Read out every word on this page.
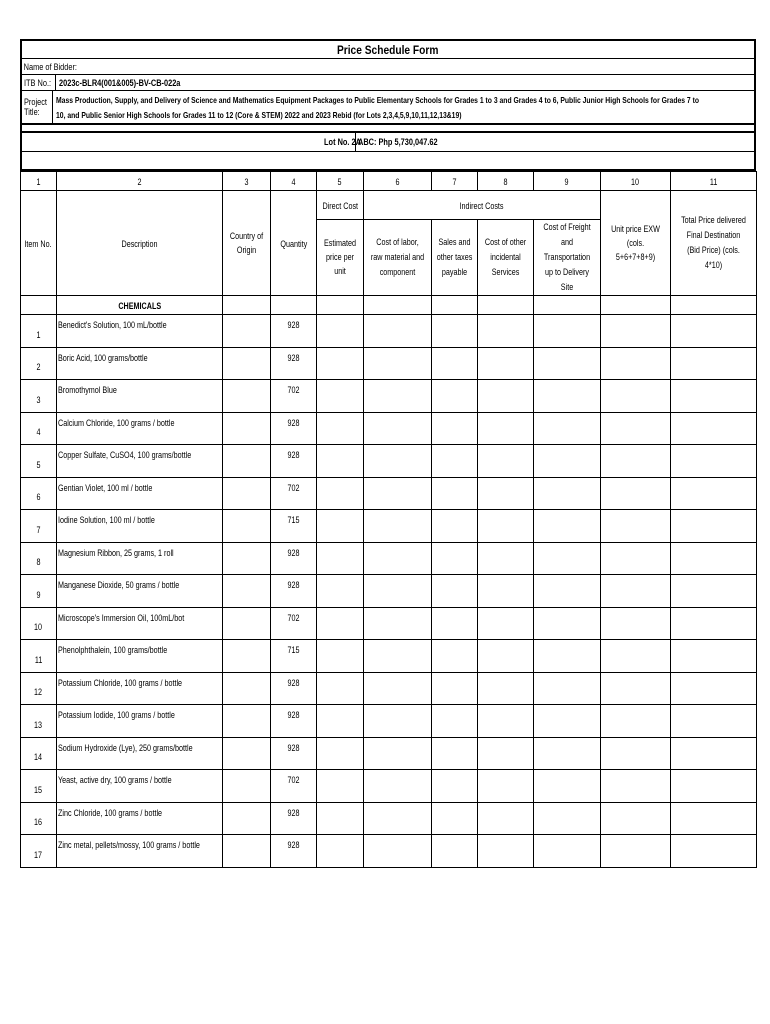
Price Schedule Form
Name of Bidder:
ITB No.: 2023c-BLR4(001&005)-BV-CB-022a
Project
Title:
Mass Production, Supply, and Delivery of Science and Mathematics Equipment Packages to Public Elementary Schools for Grades 1 to 3 and Grades 4 to 6, Public Junior High Schools for Grades 7 to
10, and Public Senior High Schools for Grades 11 to 12 (Core & STEM) 2022 and 2023 Rebid (for Lots 2,3,4,5,9,10,11,12,13&19)
Lot No. 2A
ABC: Php 5,730,047.62
1	2	3	4	5	6	7	8	9	10	11
Item No.	Description	Country of Origin	Quantity	Direct Cost	Indirect Costs				Unit price EXW (cols. 5+6+7+8+9)	Total Price delivered Final Destination (Bid Price) (cols. 4*10)
				Estimated price per unit	Cost of labor, raw material and component	Sales and other taxes payable	Cost of other incidental Services	Cost of Freight and Transportation up to Delivery Site		
	CHEMICALS									
1	Benedict's Solution, 100 mL/bottle		928							
2	Boric Acid, 100 grams/bottle		928							
3	Bromothymol Blue		702							
4	Calcium Chloride, 100 grams / bottle		928							
5	Copper Sulfate, CuSO4, 100 grams/bottle		928							
6	Gentian Violet, 100 ml / bottle		702							
7	Iodine Solution, 100 ml / bottle		715							
8	Magnesium Ribbon, 25 grams, 1 roll		928							
9	Manganese Dioxide, 50 grams / bottle		928							
10	Microscope's Immersion Oil, 100mL/bot		702							
11	Phenolphthalein, 100 grams/bottle		715							
12	Potassium Chloride, 100 grams / bottle		928							
13	Potassium Iodide, 100 grams / bottle		928							
14	Sodium Hydroxide (Lye), 250 grams/bottle		928							
15	Yeast, active dry, 100 grams / bottle		702							
16	Zinc Chloride, 100 grams / bottle		928							
17	Zinc metal, pellets/mossy, 100 grams / bottle		928							
